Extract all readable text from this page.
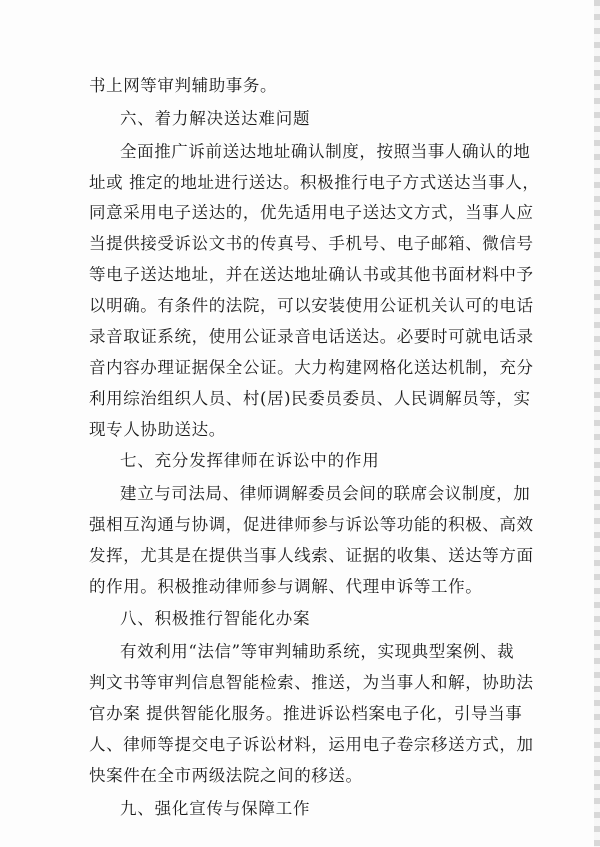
书上网等审判辅助事务。
六、着力解决送达难问题
全面推广诉前送达地址确认制度，按照当事人确认的地
址或 推定的地址进行送达。积极推行电子方式送达当事人，
同意采用电子送达的，优先适用电子送达文方式，当事人应
当提供接受诉讼文书的传真号、手机号、电子邮箱、微信号
等电子送达地址，并在送达地址确认书或其他书面材料中予
以明确。有条件的法院，可以安装使用公证机关认可的电话
录音取证系统，使用公证录音电话送达。必要时可就电话录
音内容办理证据保全公证。大力构建网格化送达机制，充分
利用综治组织人员、村(居)民委员委员、人民调解员等，实
现专人协助送达。
七、充分发挥律师在诉讼中的作用
建立与司法局、律师调解委员会间的联席会议制度，加
强相互沟通与协调，促进律师参与诉讼等功能的积极、高效
发挥，尤其是在提供当事人线索、证据的收集、送达等方面
的作用。积极推动律师参与调解、代理申诉等工作。
八、积极推行智能化办案
有效利用“法信”等审判辅助系统，实现典型案例、裁
判文书等审判信息智能检索、推送，为当事人和解，协助法
官办案 提供智能化服务。推进诉讼档案电子化，引导当事
人、律师等提交电子诉讼材料，运用电子卷宗移送方式，加
快案件在全市两级法院之间的移送。
九、强化宣传与保障工作
